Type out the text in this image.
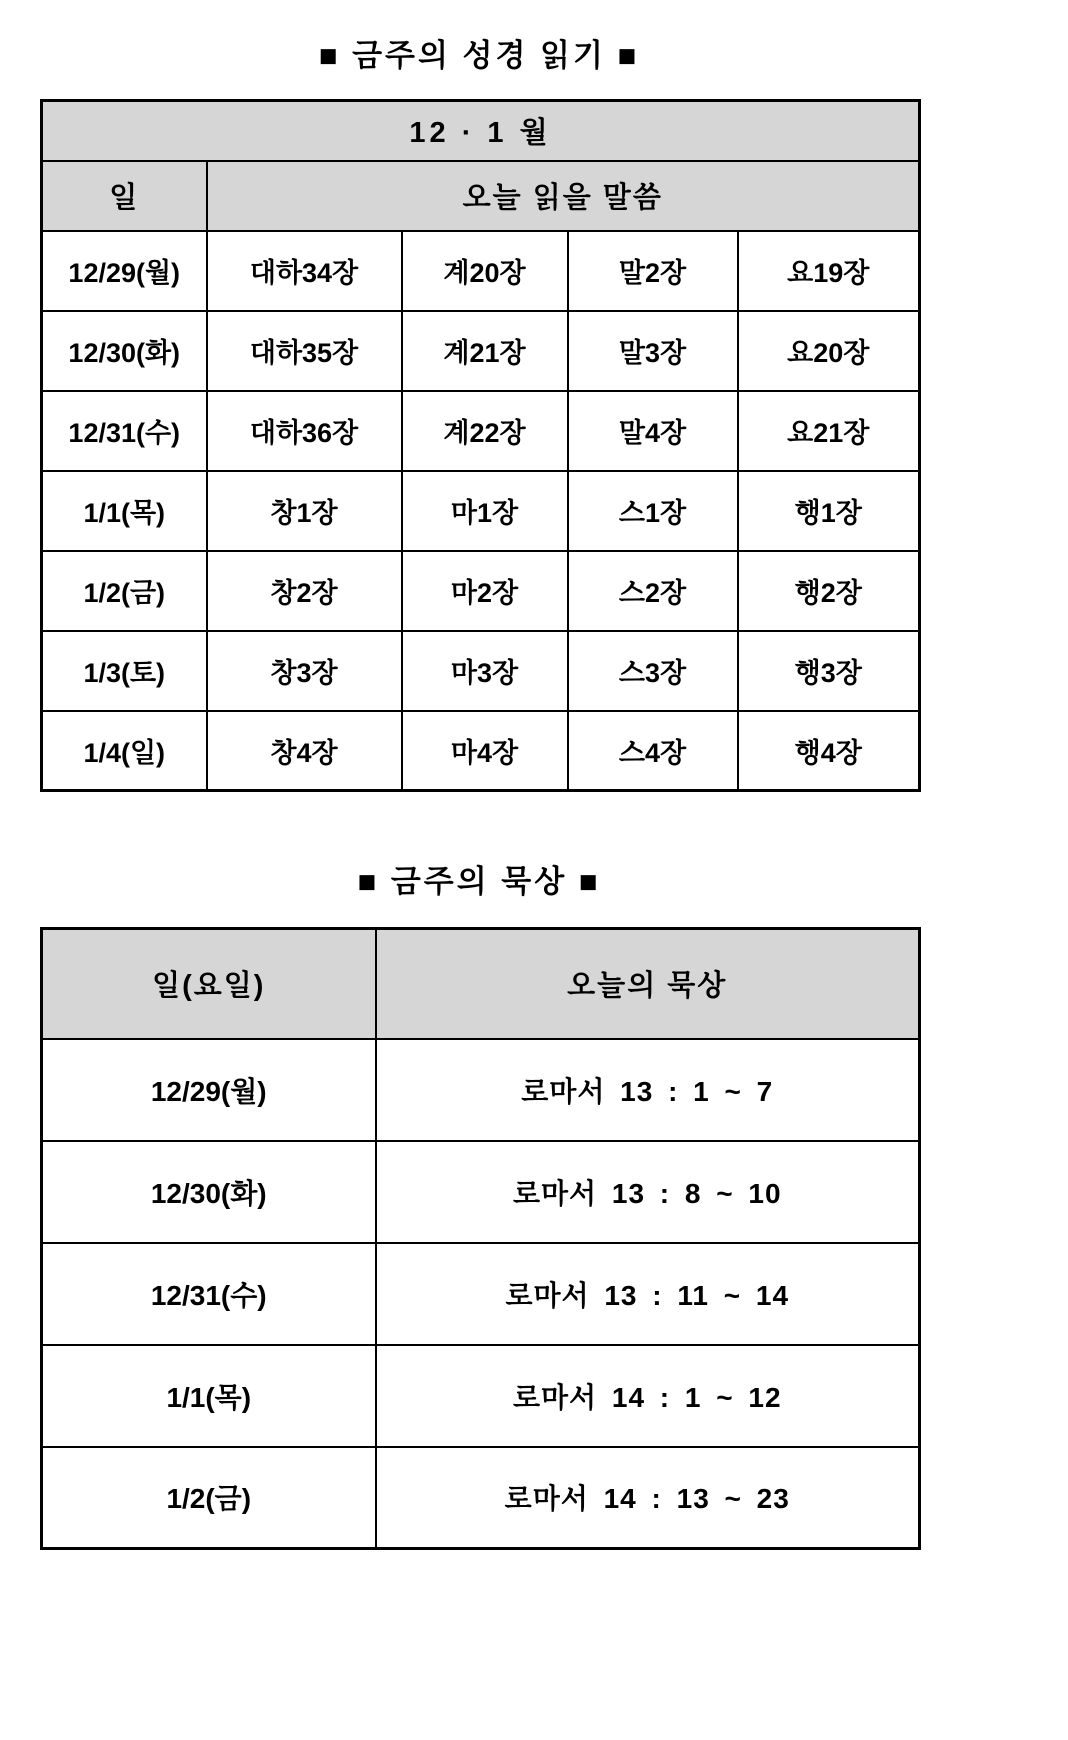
■ 금주의 성경 읽기 ■
12 · 1 월				
일	오늘 읽을 말씀			
12/29(월)	대하34장	계20장	말2장	요19장
12/30(화)	대하35장	계21장	말3장	요20장
12/31(수)	대하36장	계22장	말4장	요21장
1/1(목)	창1장	마1장	스1장	행1장
1/2(금)	창2장	마2장	스2장	행2장
1/3(토)	창3장	마3장	스3장	행3장
1/4(일)	창4장	마4장	스4장	행4장
■ 금주의 묵상 ■
일(요일)	오늘의 묵상
12/29(월)	로마서 13 : 1 ~ 7
12/30(화)	로마서 13 : 8 ~ 10
12/31(수)	로마서 13 : 11 ~ 14
1/1(목)	로마서 14 : 1 ~ 12
1/2(금)	로마서 14 : 13 ~ 23
